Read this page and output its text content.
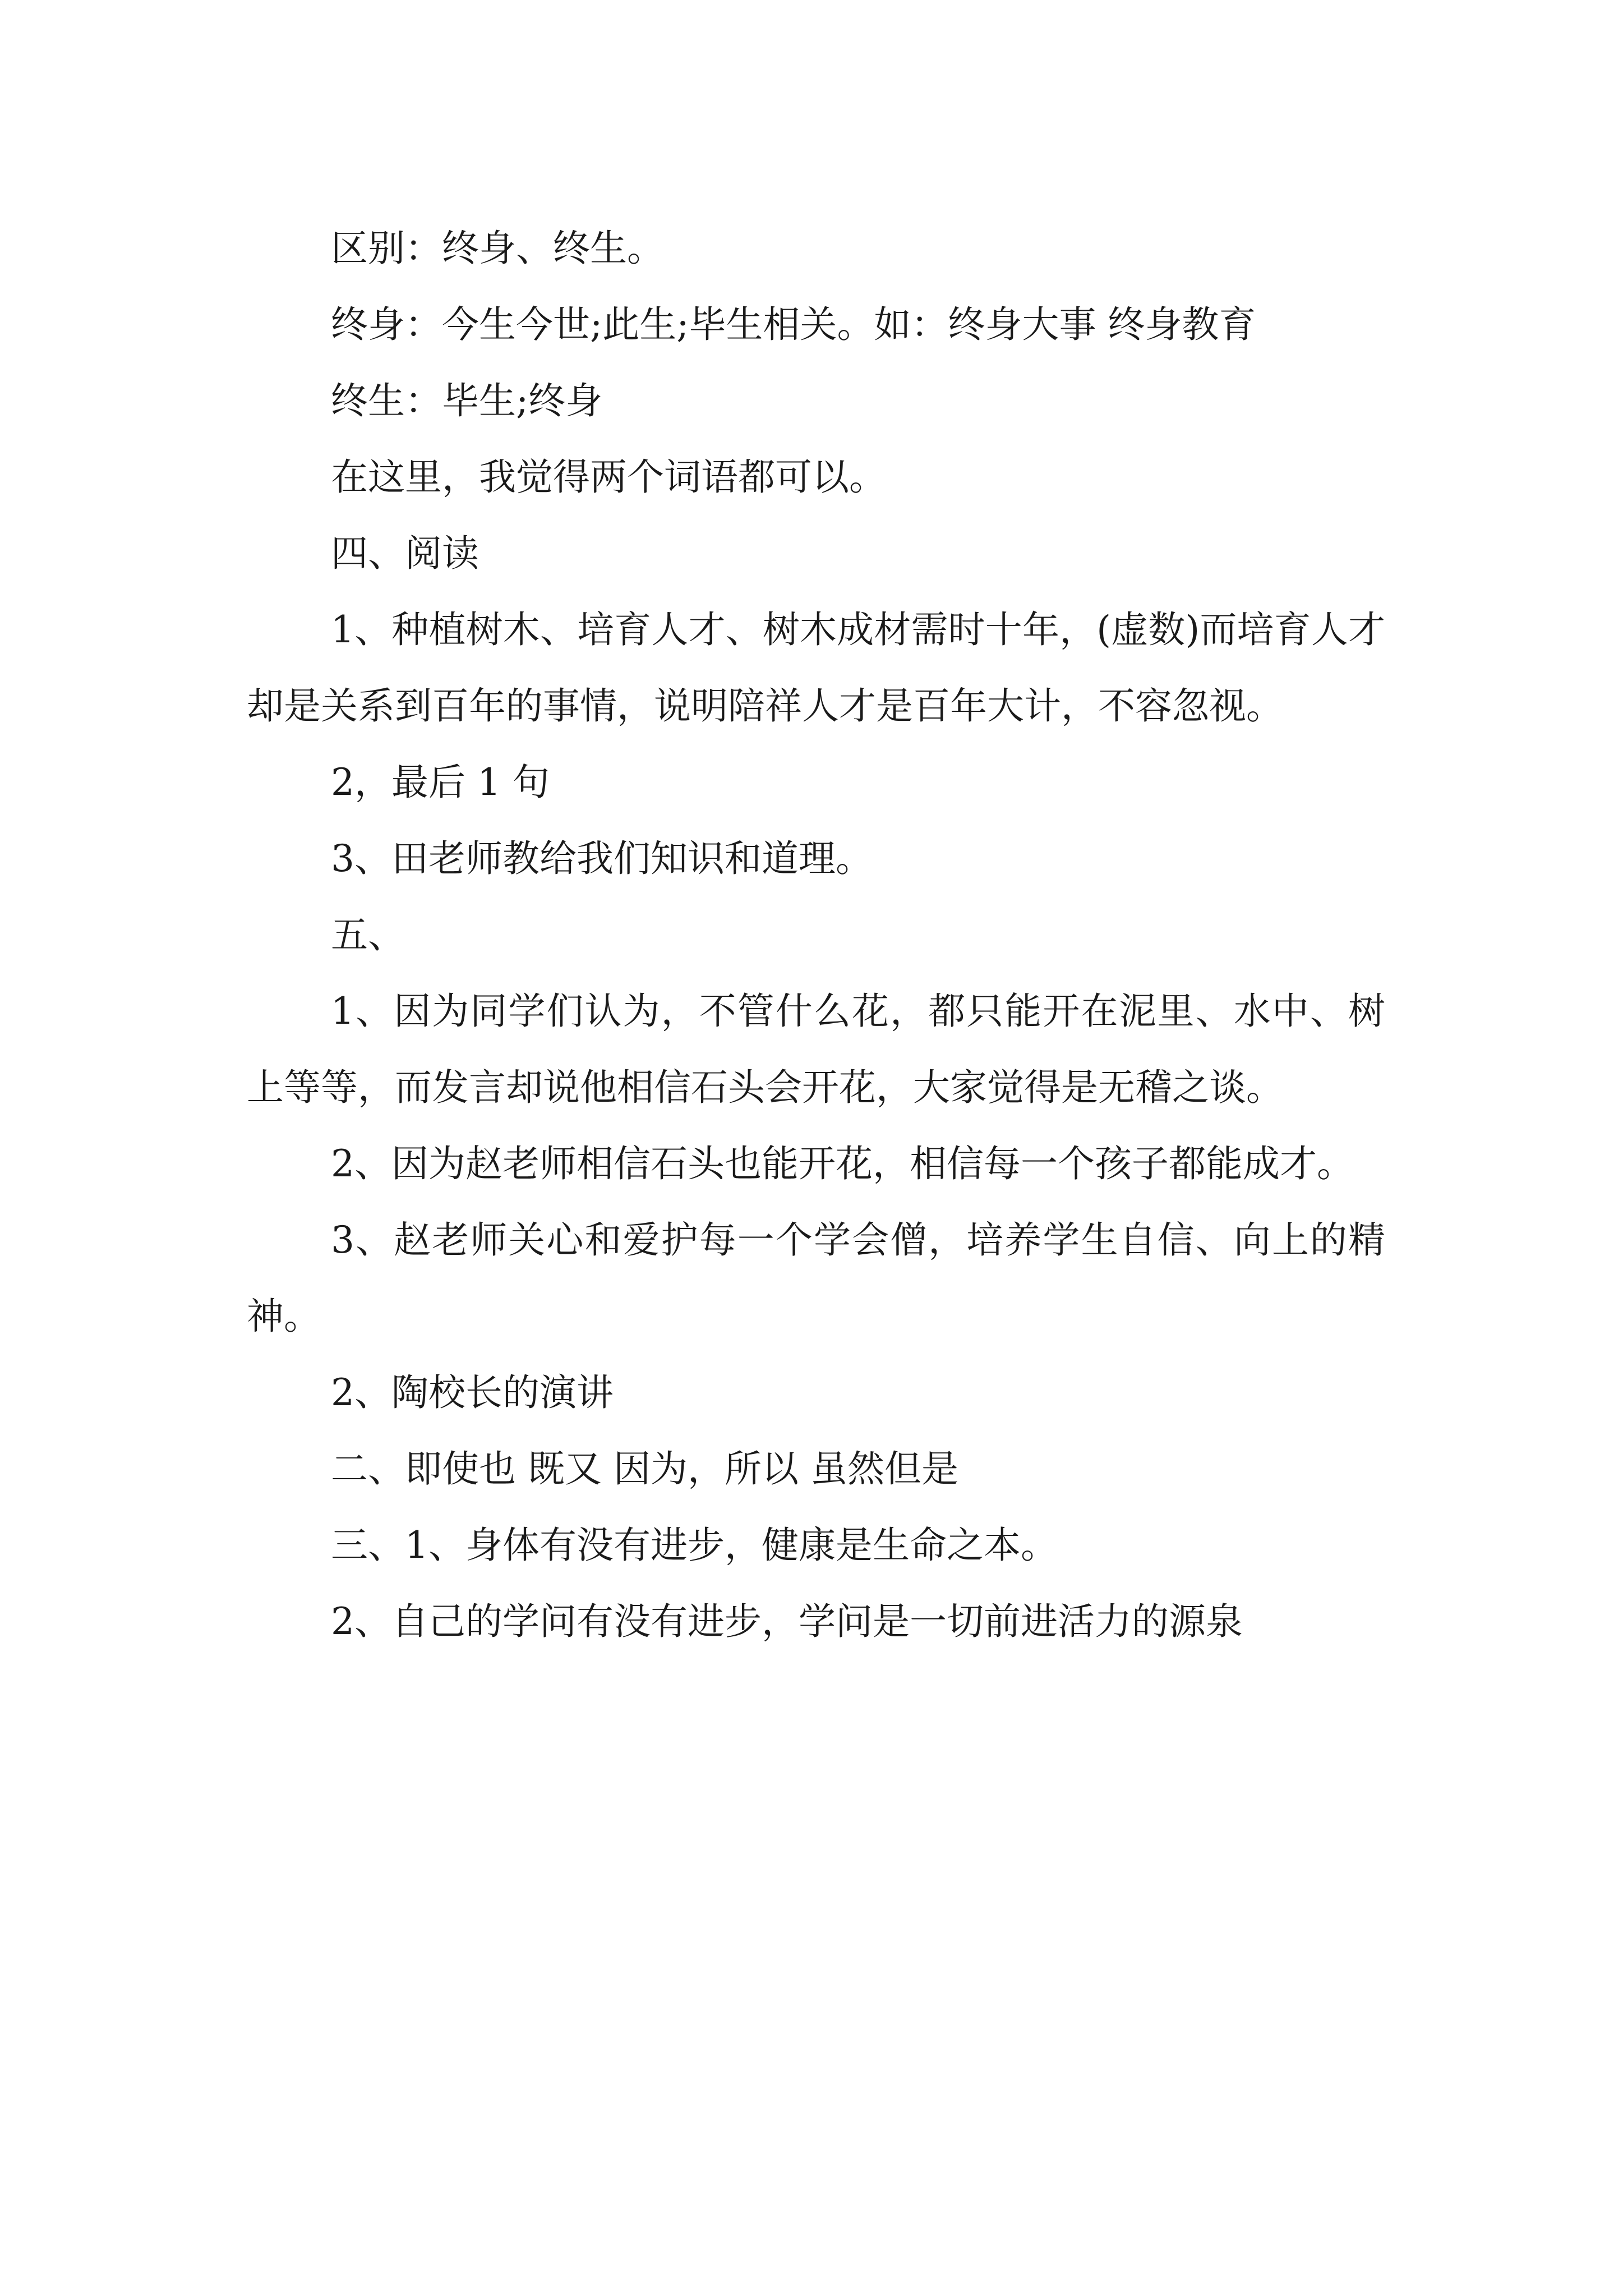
区别：终身、终生。

终身：今生今世;此生;毕生相关。如：终身大事 终身教育

终生：毕生;终身

在这里，我觉得两个词语都可以。

四、阅读

1、种植树木、培育人才、树木成材需时十年，(虚数)而培育人才却是关系到百年的事情，说明陪祥人才是百年大计，不容忽视。

2，最后 1 句

3、田老师教给我们知识和道理。

五、

1、因为同学们认为，不管什么花，都只能开在泥里、水中、树上等等，而发言却说他相信石头会开花，大家觉得是无稽之谈。

2、因为赵老师相信石头也能开花，相信每一个孩子都能成才。

3、赵老师关心和爱护每一个学会僧，培养学生自信、向上的精神。

2、陶校长的演讲

二、即使也 既又 因为，所以 虽然但是

三、1、身体有没有进步，健康是生命之本。

2、自己的学问有没有进步，学问是一切前进活力的源泉
